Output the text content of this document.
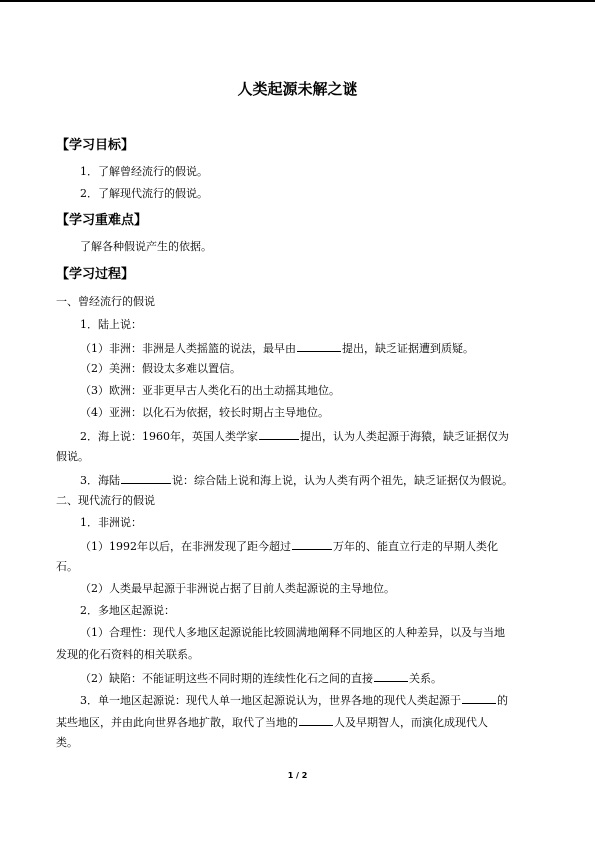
人类起源未解之谜
【学习目标】
1．了解曾经流行的假说。
2．了解现代流行的假说。
【学习重难点】
了解各种假说产生的依据。
【学习过程】
一、曾经流行的假说
1．陆上说：
（1）非洲：非洲是人类摇篮的说法，最早由	提出，缺乏证据遭到质疑。
（2）美洲：假设太多难以置信。
（3）欧洲：亚非更早古人类化石的出土动摇其地位。
（4）亚洲：以化石为依据，较长时期占主导地位。
2．海上说：1960年，英国人类学家	提出，认为人类起源于海猿，缺乏证据仅为
假说。
3．海陆	说：综合陆上说和海上说，认为人类有两个祖先，缺乏证据仅为假说。
二、现代流行的假说
1．非洲说：
（1）1992年以后，在非洲发现了距今超过	万年的、能直立行走的早期人类化
石。
（2）人类最早起源于非洲说占据了目前人类起源说的主导地位。
2．多地区起源说：
（1）合理性：现代人多地区起源说能比较圆满地阐释不同地区的人种差异，以及与当地
发现的化石资料的相关联系。
（2）缺陷：不能证明这些不同时期的连续性化石之间的直接	关系。
3．单一地区起源说：现代人单一地区起源说认为，世界各地的现代人类起源于	的
某些地区，并由此向世界各地扩散，取代了当地的	人及早期智人，而演化成现代人
类。
1 / 2
